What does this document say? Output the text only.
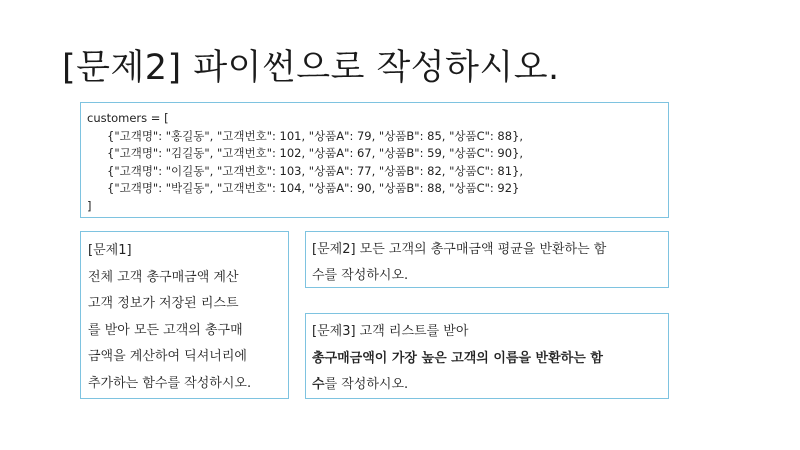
[문제2] 파이썬으로 작성하시오.
customers = [
{"고객명": "홍길동", "고객번호": 101, "상품A": 79, "상품B": 85, "상품C": 88},
{"고객명": "김길동", "고객번호": 102, "상품A": 67, "상품B": 59, "상품C": 90},
{"고객명": "이길동", "고객번호": 103, "상품A": 77, "상품B": 82, "상품C": 81},
{"고객명": "박길동", "고객번호": 104, "상품A": 90, "상품B": 88, "상품C": 92}
]
[문제1]
전체 고객 총구매금액 계산
고객 정보가 저장된 리스트
를 받아 모든 고객의 총구매
금액을 계산하여 딕셔너리에
추가하는 함수를 작성하시오.
[문제2] 모든 고객의 총구매금액 평균을 반환하는 함
수를 작성하시오.
[문제3] 고객 리스트를 받아
총구매금액이 가장 높은 고객의 이름을 반환하는 함
수를 작성하시오.
